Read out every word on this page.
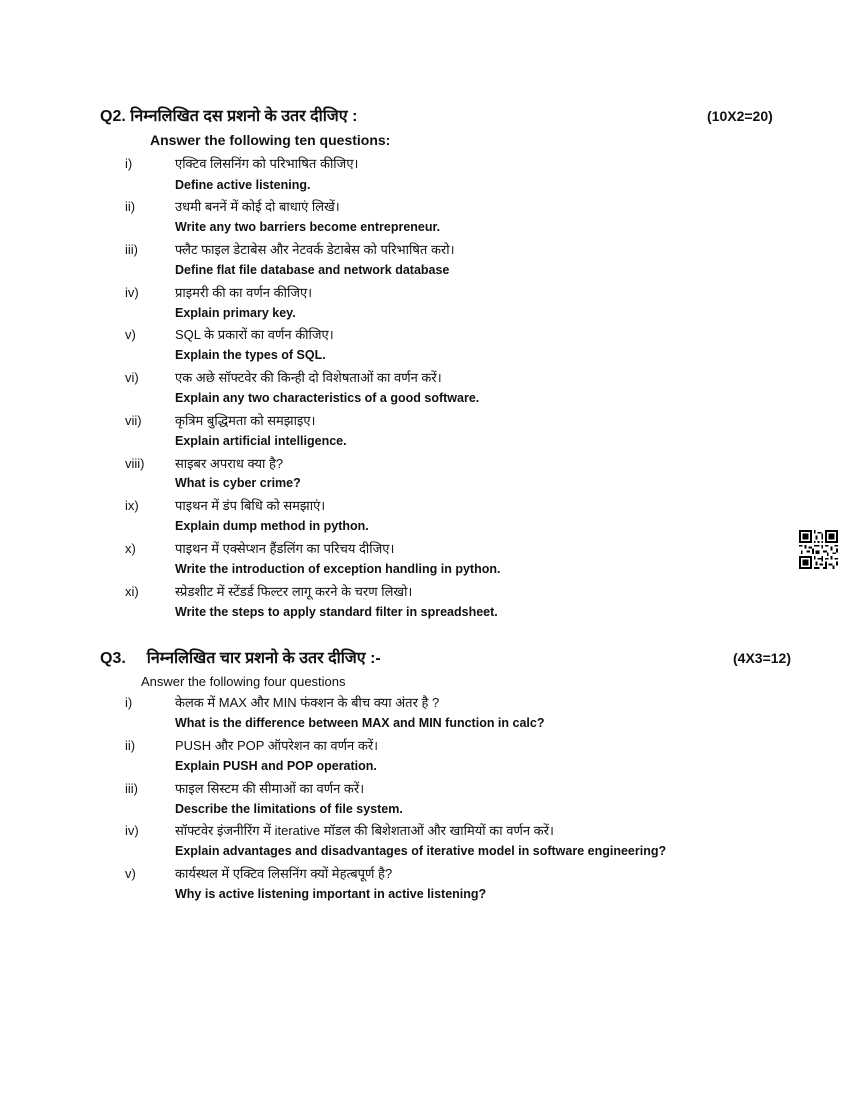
Q2. निम्नलिखित दस प्रशनो के उतर दीजिए :	(10X2=20)
Answer the following ten questions:
i)	एक्टिव लिसनिंग को परिभाषित कीजिए।
Define active listening.
ii)	उधमी बननें में कोई दो बाधाएं लिखें।
Write any two barriers become entrepreneur.
iii)	फ्लैट फाइल डेटाबेस और नेटवर्क डेटाबेस को परिभाषित करो।
Define flat file database and network database
iv)	प्राइमरी की का वर्णन कीजिए।
Explain primary key.
v)	SQL के प्रकारों का वर्णन कीजिए।
Explain the types of SQL.
vi)	एक अछे सॉफ्टवेर की किन्ही दो विशेषताओं का वर्णन करें।
Explain any two characteristics of a good software.
vii)	कृत्रिम बुद्धिमता को समझाइए।
Explain artificial intelligence.
viii) साइबर अपराध क्या है?
What is cyber crime?
ix)	पाइथन में डंप बिधि को समझाएं।
Explain dump method in python.
x)	पाइथन में एक्सेप्शन हैंडलिंग का परिचय दीजिए।
Write the introduction of exception handling in python.
xi)	स्प्रेडशीट में स्टेंडर्ड फिल्टर लागू करने के चरण लिखो।
Write the steps to apply standard filter in spreadsheet.
Q3. निम्नलिखित चार प्रशनो के उतर दीजिए :-	(4X3=12)
Answer the following four questions
i)	केलक में MAX और MIN फंक्शन के बीच क्या अंतर है ?
What is the difference between MAX and MIN function in calc?
ii)	PUSH और POP ऑपरेशन का वर्णन करें।
Explain PUSH and POP operation.
iii)	फाइल सिस्टम की सीमाओं का वर्णन करें।
Describe the limitations of file system.
iv)	सॉफ्टवेर इंजनीरिंग में iterative मॉडल की बिशेशताओं और खामियों का वर्णन करें।
Explain advantages and disadvantages of iterative model in software engineering?
v)	कार्यस्थल में एक्टिव लिसनिंग क्यों मेहत्बपूर्ण है?
Why is active listening important in active listening?
